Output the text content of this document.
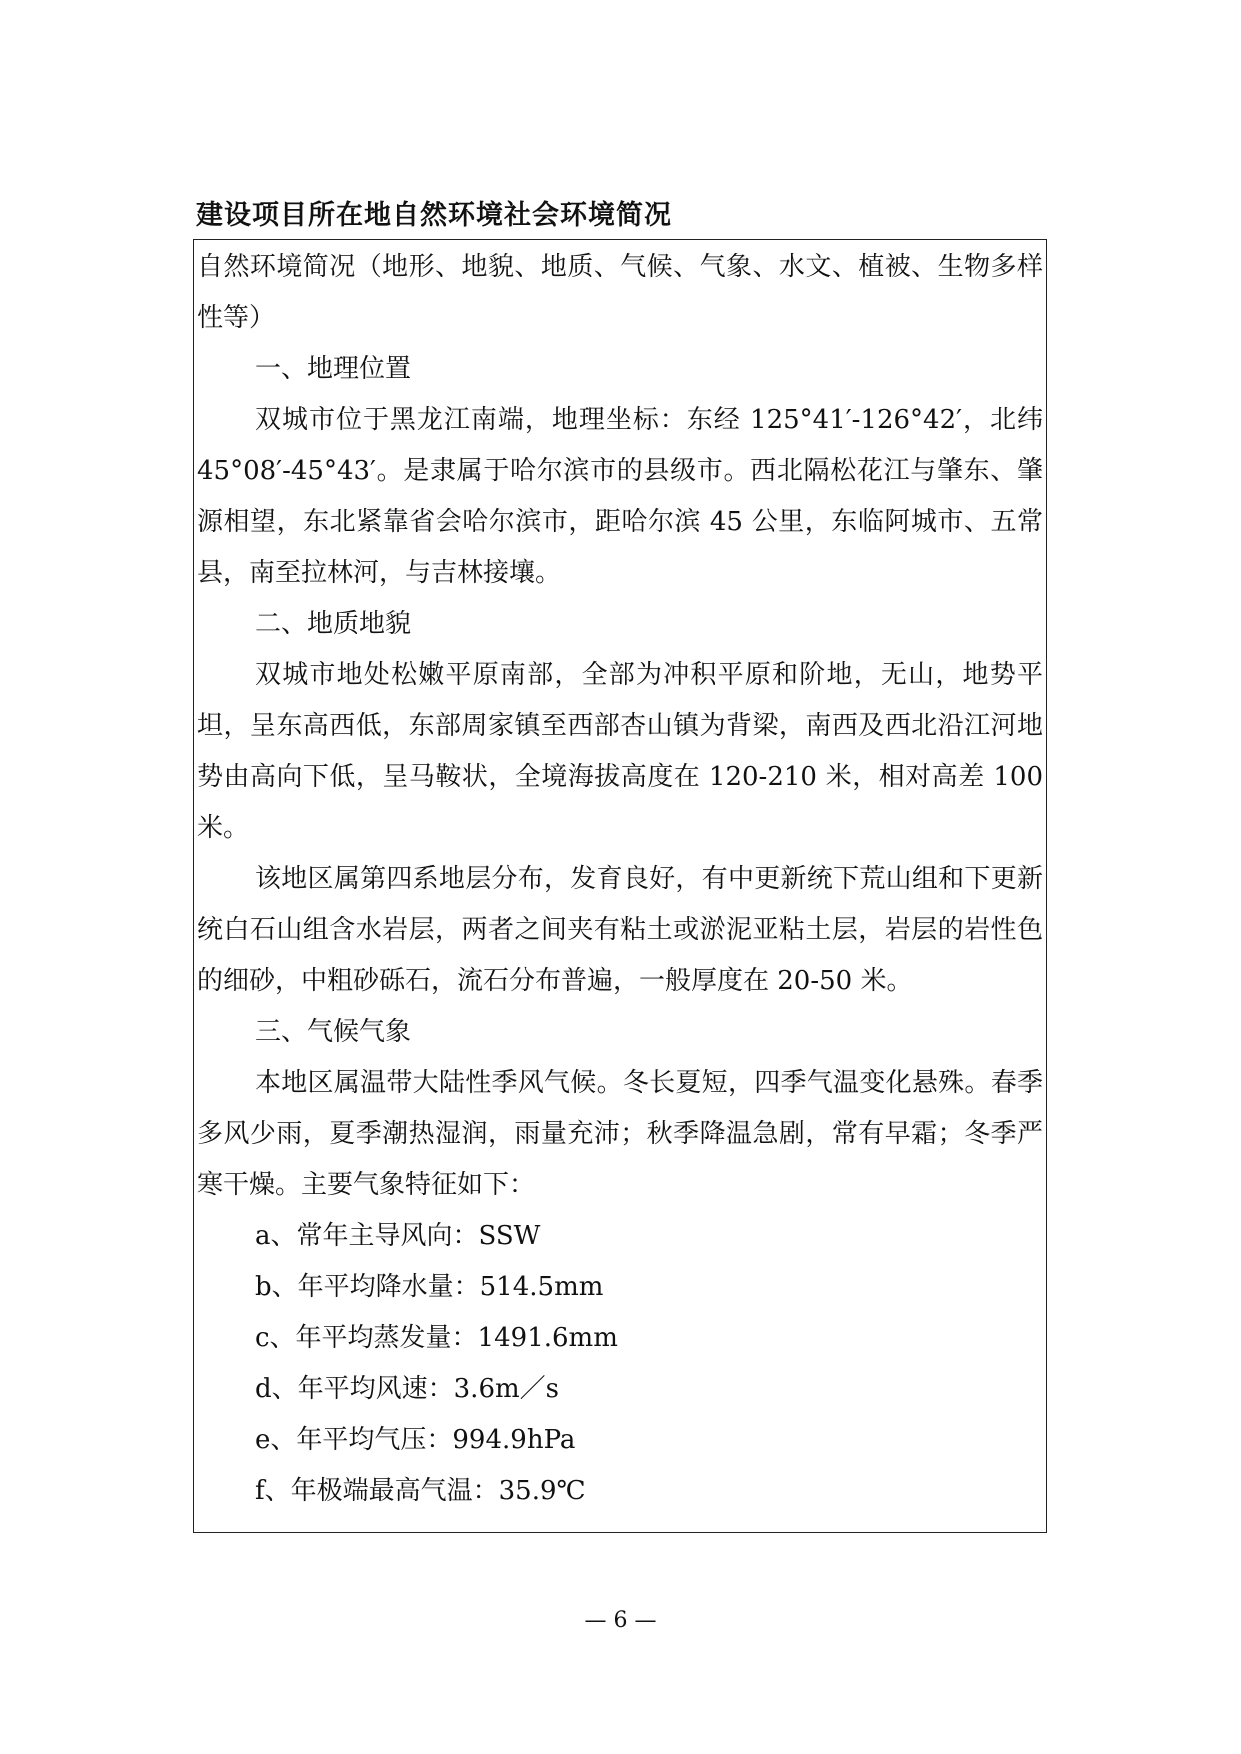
建设项目所在地自然环境社会环境简况

自然环境简况（地形、地貌、地质、气候、气象、水文、植被、生物多样性等）

一、地理位置

双城市位于黑龙江南端，地理坐标：东经 125°41′-126°42′，北纬 45°08′-45°43′。是隶属于哈尔滨市的县级市。西北隔松花江与肇东、肇源相望，东北紧靠省会哈尔滨市，距哈尔滨 45 公里，东临阿城市、五常县，南至拉林河，与吉林接壤。

二、地质地貌

双城市地处松嫩平原南部，全部为冲积平原和阶地，无山，地势平坦，呈东高西低，东部周家镇至西部杏山镇为背梁，南西及西北沿江河地势由高向下低，呈马鞍状，全境海拔高度在 120-210 米，相对高差 100 米。

该地区属第四系地层分布，发育良好，有中更新统下荒山组和下更新统白石山组含水岩层，两者之间夹有粘土或淤泥亚粘土层，岩层的岩性色的细砂，中粗砂砾石，流石分布普遍，一般厚度在 20-50 米。

三、气候气象

本地区属温带大陆性季风气候。冬长夏短，四季气温变化悬殊。春季多风少雨，夏季潮热湿润，雨量充沛；秋季降温急剧，常有早霜；冬季严寒干燥。主要气象特征如下：

a、常年主导风向：SSW

b、年平均降水量：514.5mm

c、年平均蒸发量：1491.6mm

d、年平均风速：3.6m／s

e、年平均气压：994.9hPa

f、年极端最高气温：35.9℃

— 6 —
